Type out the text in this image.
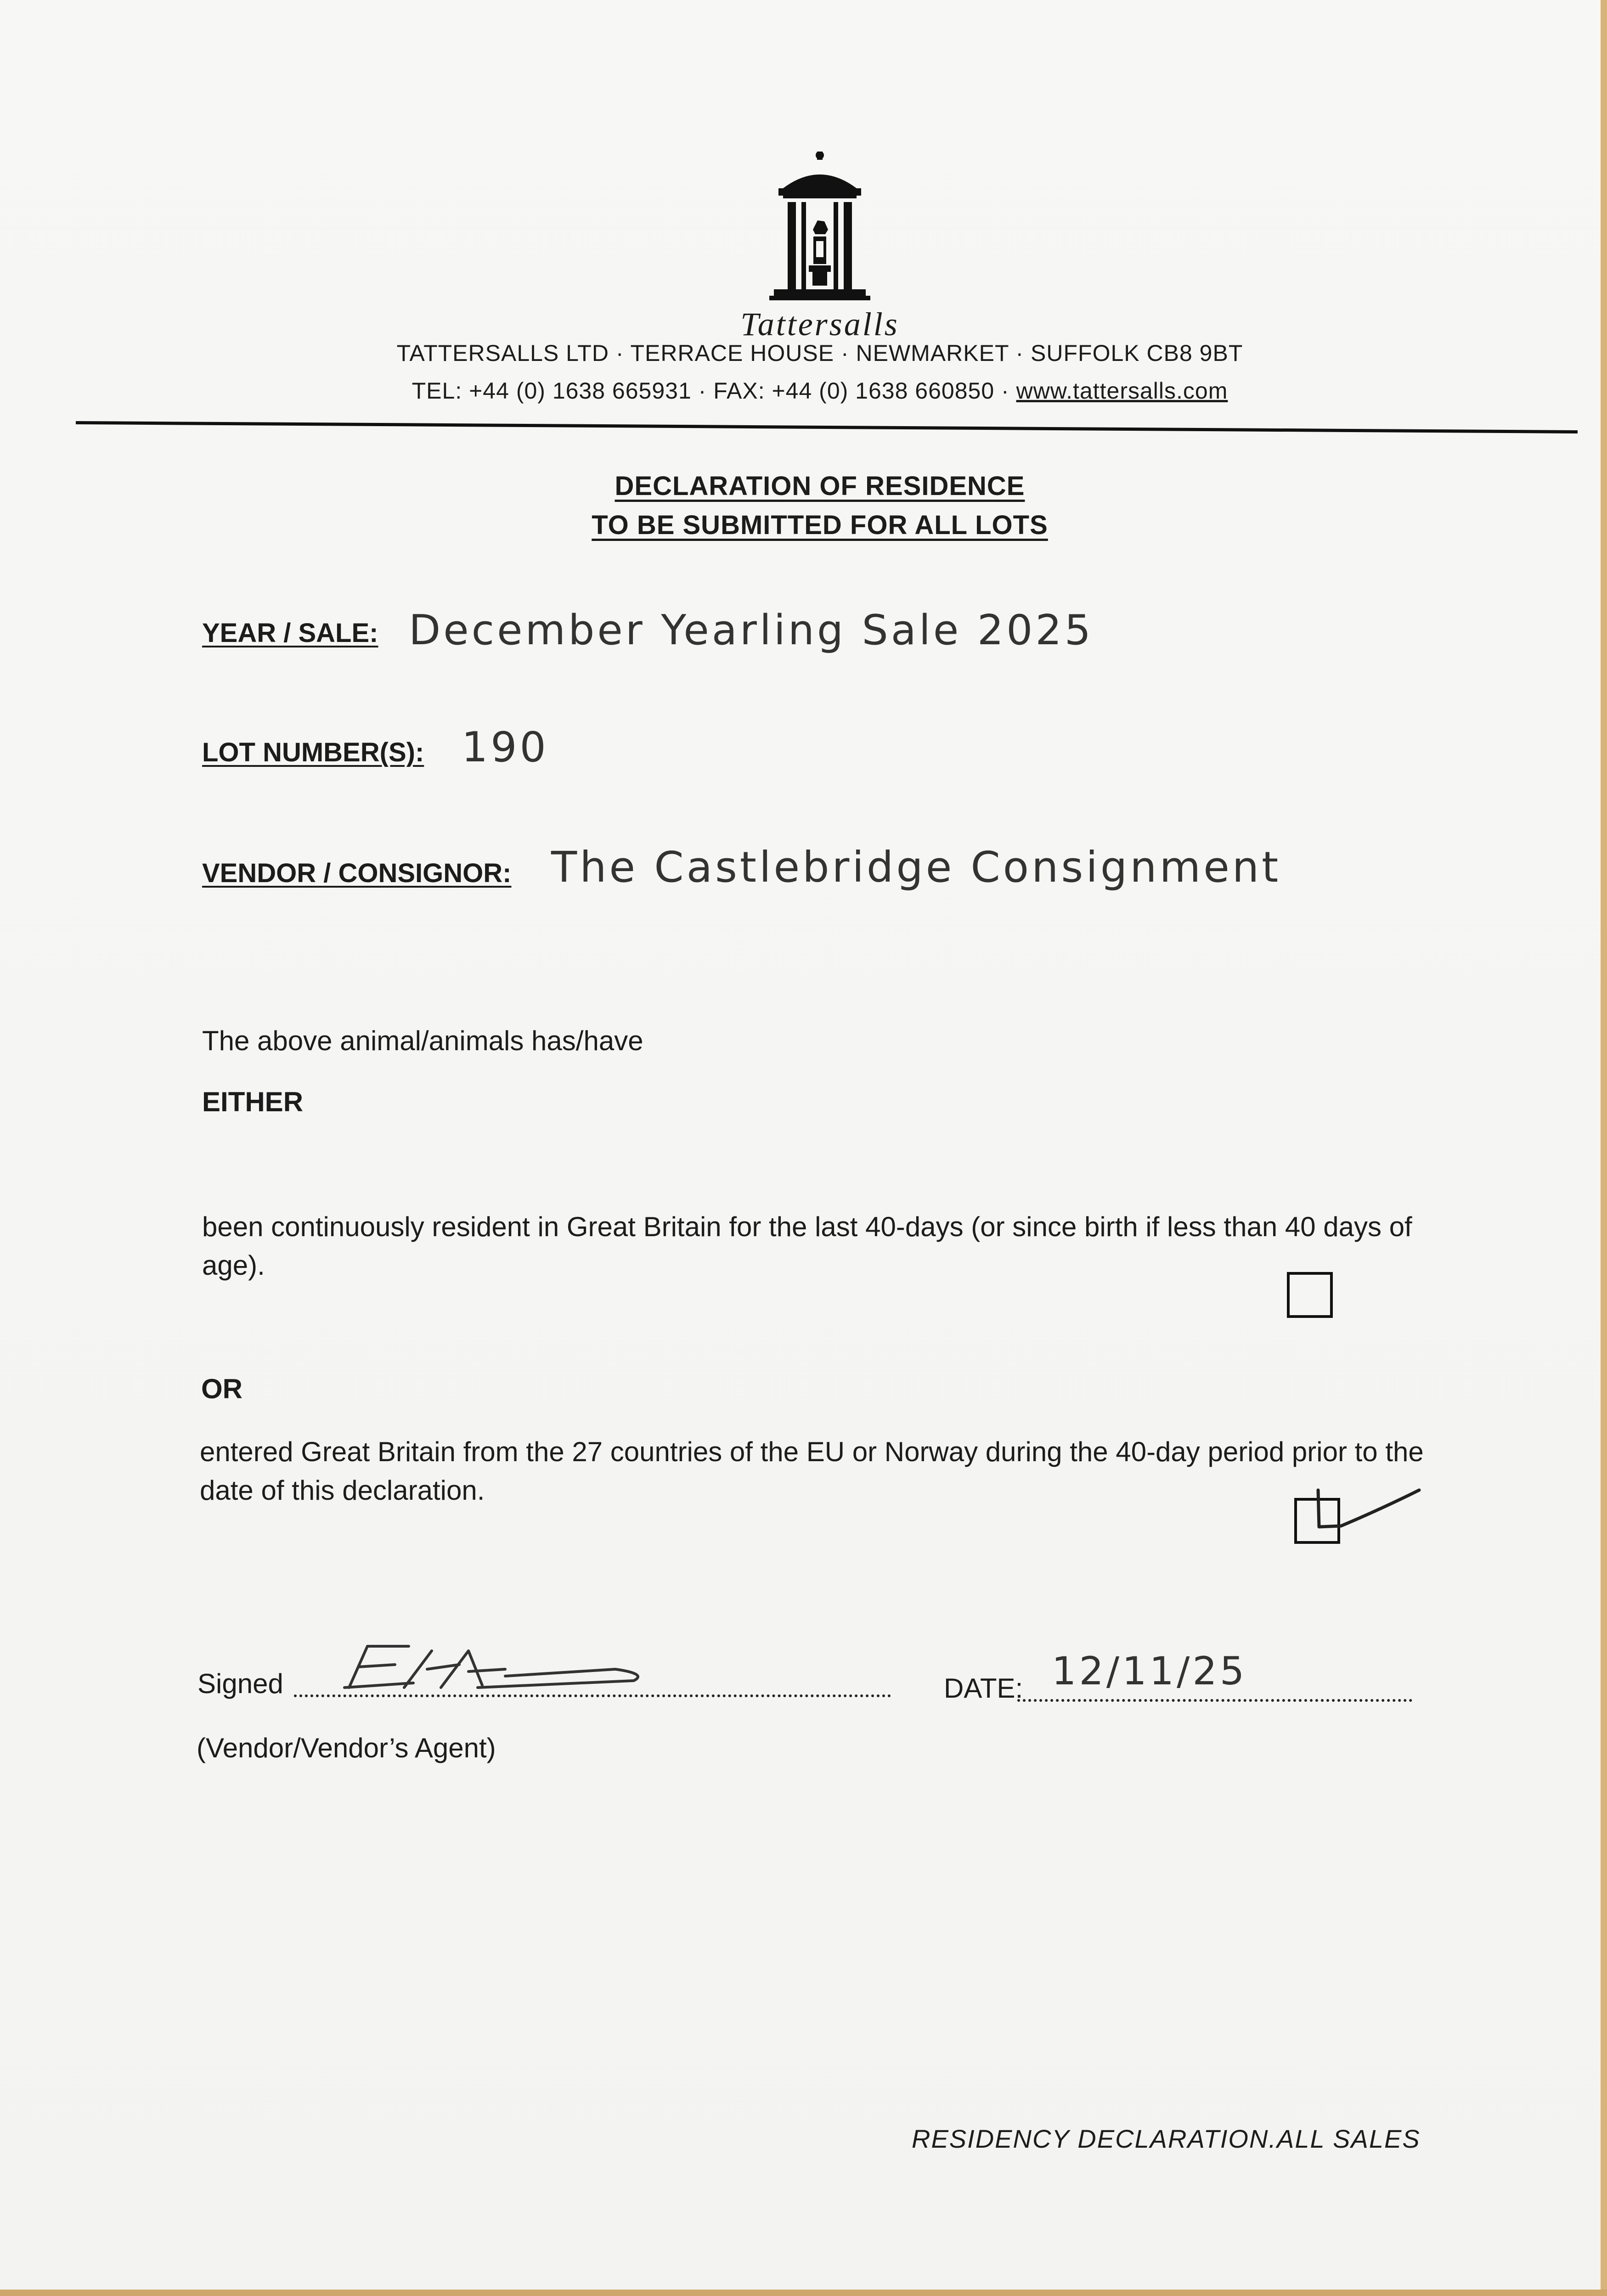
Tattersalls
TATTERSALLS LTD · TERRACE HOUSE · NEWMARKET · SUFFOLK CB8 9BT
TEL: +44 (0) 1638 665931 · FAX: +44 (0) 1638 660850 · www.tattersalls.com
DECLARATION OF RESIDENCE
TO BE SUBMITTED FOR ALL LOTS
YEAR / SALE: December Yearling Sale 2025
LOT NUMBER(S): 190
VENDOR / CONSIGNOR: The Castlebridge Consignment
The above animal/animals has/have
EITHER
been continuously resident in Great Britain for the last 40-days (or since birth if less than 40 days of age).
OR
entered Great Britain from the 27 countries of the EU or Norway during the 40-day period prior to the date of this declaration.
Signed	DATE: 12/11/25
(Vendor/Vendor’s Agent)
RESIDENCY DECLARATION.ALL SALES
